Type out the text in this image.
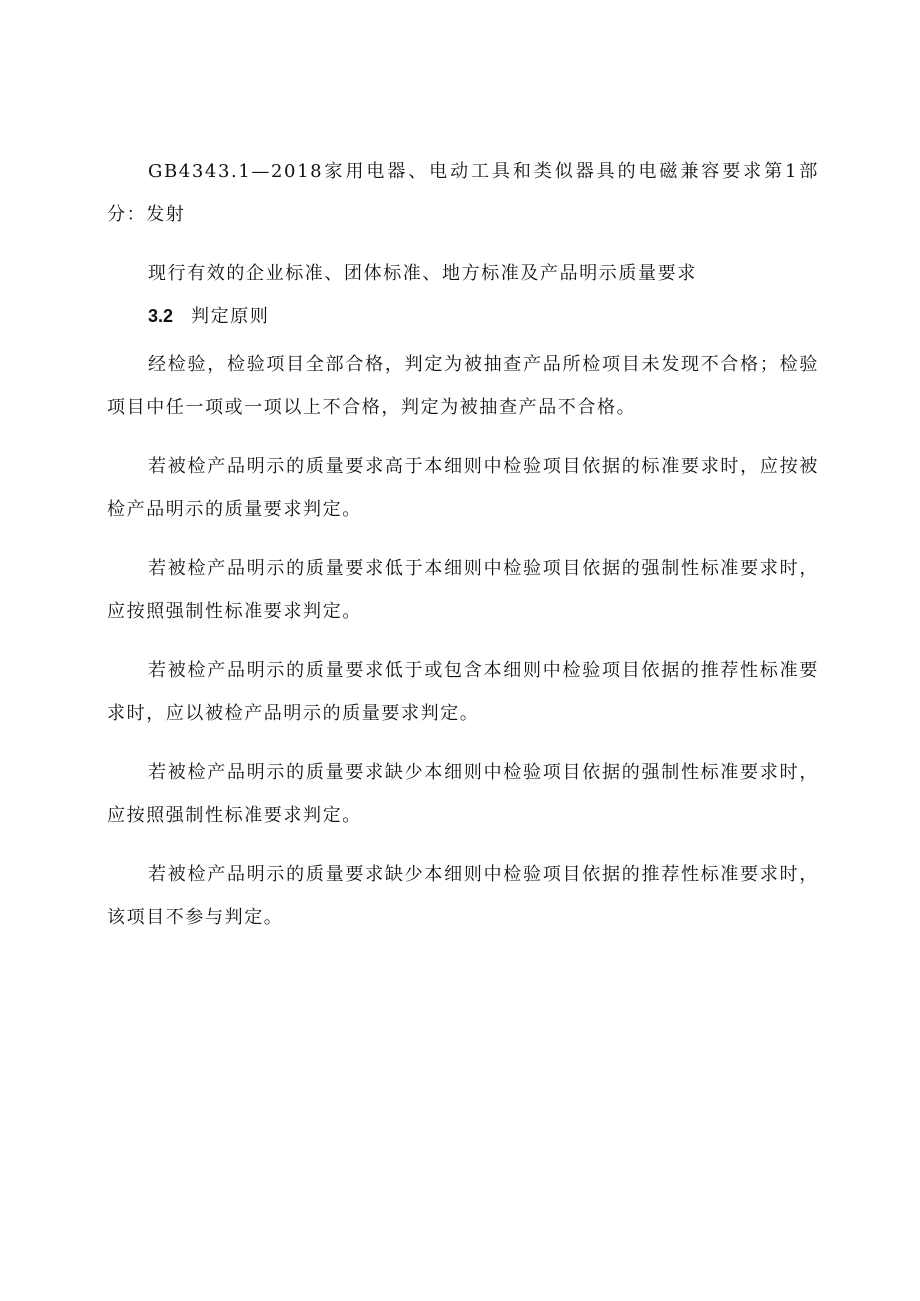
GB4343.1—2018家用电器、电动工具和类似器具的电磁兼容要求第1部分：发射

现行有效的企业标准、团体标准、地方标准及产品明示质量要求

3.2 判定原则

经检验，检验项目全部合格，判定为被抽查产品所检项目未发现不合格；检验项目中任一项或一项以上不合格，判定为被抽查产品不合格。

若被检产品明示的质量要求高于本细则中检验项目依据的标准要求时，应按被检产品明示的质量要求判定。

若被检产品明示的质量要求低于本细则中检验项目依据的强制性标准要求时，应按照强制性标准要求判定。

若被检产品明示的质量要求低于或包含本细则中检验项目依据的推荐性标准要求时，应以被检产品明示的质量要求判定。

若被检产品明示的质量要求缺少本细则中检验项目依据的强制性标准要求时，应按照强制性标准要求判定。

若被检产品明示的质量要求缺少本细则中检验项目依据的推荐性标准要求时，该项目不参与判定。
